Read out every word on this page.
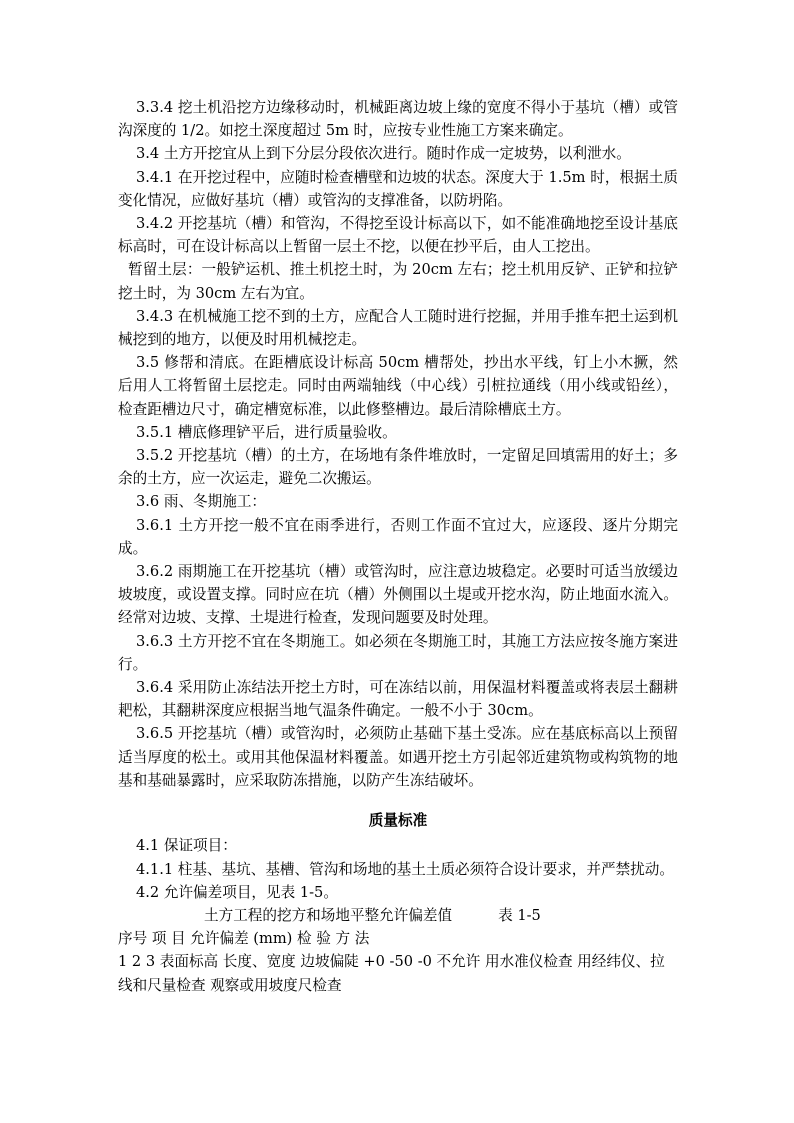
3.3.4 挖土机沿挖方边缘移动时，机械距离边坡上缘的宽度不得小于基坑（槽）或管沟深度的 1/2。如挖土深度超过 5m 时，应按专业性施工方案来确定。

3.4 土方开挖宜从上到下分层分段依次进行。随时作成一定坡势，以利泄水。

3.4.1 在开挖过程中，应随时检查槽壁和边坡的状态。深度大于 1.5m 时，根据土质变化情况，应做好基坑（槽）或管沟的支撑准备，以防坍陷。

3.4.2 开挖基坑（槽）和管沟，不得挖至设计标高以下，如不能准确地挖至设计基底标高时，可在设计标高以上暂留一层土不挖，以便在抄平后，由人工挖出。

暂留土层：一般铲运机、推土机挖土时，为 20cm 左右；挖土机用反铲、正铲和拉铲挖土时，为 30cm 左右为宜。

3.4.3 在机械施工挖不到的土方，应配合人工随时进行挖掘，并用手推车把土运到机械挖到的地方，以便及时用机械挖走。

3.5 修帮和清底。在距槽底设计标高 50cm 槽帮处，抄出水平线，钉上小木撅，然后用人工将暂留土层挖走。同时由两端轴线（中心线）引桩拉通线（用小线或铅丝），检查距槽边尺寸，确定槽宽标准，以此修整槽边。最后清除槽底土方。

3.5.1 槽底修理铲平后，进行质量验收。

3.5.2 开挖基坑（槽）的土方，在场地有条件堆放时，一定留足回填需用的好土；多余的土方，应一次运走，避免二次搬运。

3.6 雨、冬期施工：

3.6.1 土方开挖一般不宜在雨季进行，否则工作面不宜过大，应逐段、逐片分期完成。

3.6.2 雨期施工在开挖基坑（槽）或管沟时，应注意边坡稳定。必要时可适当放缓边坡坡度，或设置支撑。同时应在坑（槽）外侧围以土堤或开挖水沟，防止地面水流入。经常对边坡、支撑、土堤进行检查，发现问题要及时处理。

3.6.3 土方开挖不宜在冬期施工。如必须在冬期施工时，其施工方法应按冬施方案进行。

3.6.4 采用防止冻结法开挖土方时，可在冻结以前，用保温材料覆盖或将表层土翻耕耙松，其翻耕深度应根据当地气温条件确定。一般不小于 30cm。

3.6.5 开挖基坑（槽）或管沟时，必须防止基础下基土受冻。应在基底标高以上预留适当厚度的松土。或用其他保温材料覆盖。如遇开挖土方引起邻近建筑物或构筑物的地基和基础暴露时，应采取防冻措施，以防产生冻结破坏。

质量标准

4.1 保证项目：

4.1.1 柱基、基坑、基槽、管沟和场地的基土土质必须符合设计要求，并严禁扰动。

4.2 允许偏差项目，见表 1-5。

土方工程的挖方和场地平整允许偏差值	表 1-5

序号 项 目 允许偏差 (mm) 检 验 方 法

1 2 3 表面标高 长度、宽度 边坡偏陡 +0 -50 -0 不允许 用水准仪检查 用经纬仪、拉线和尺量检查 观察或用坡度尺检查
